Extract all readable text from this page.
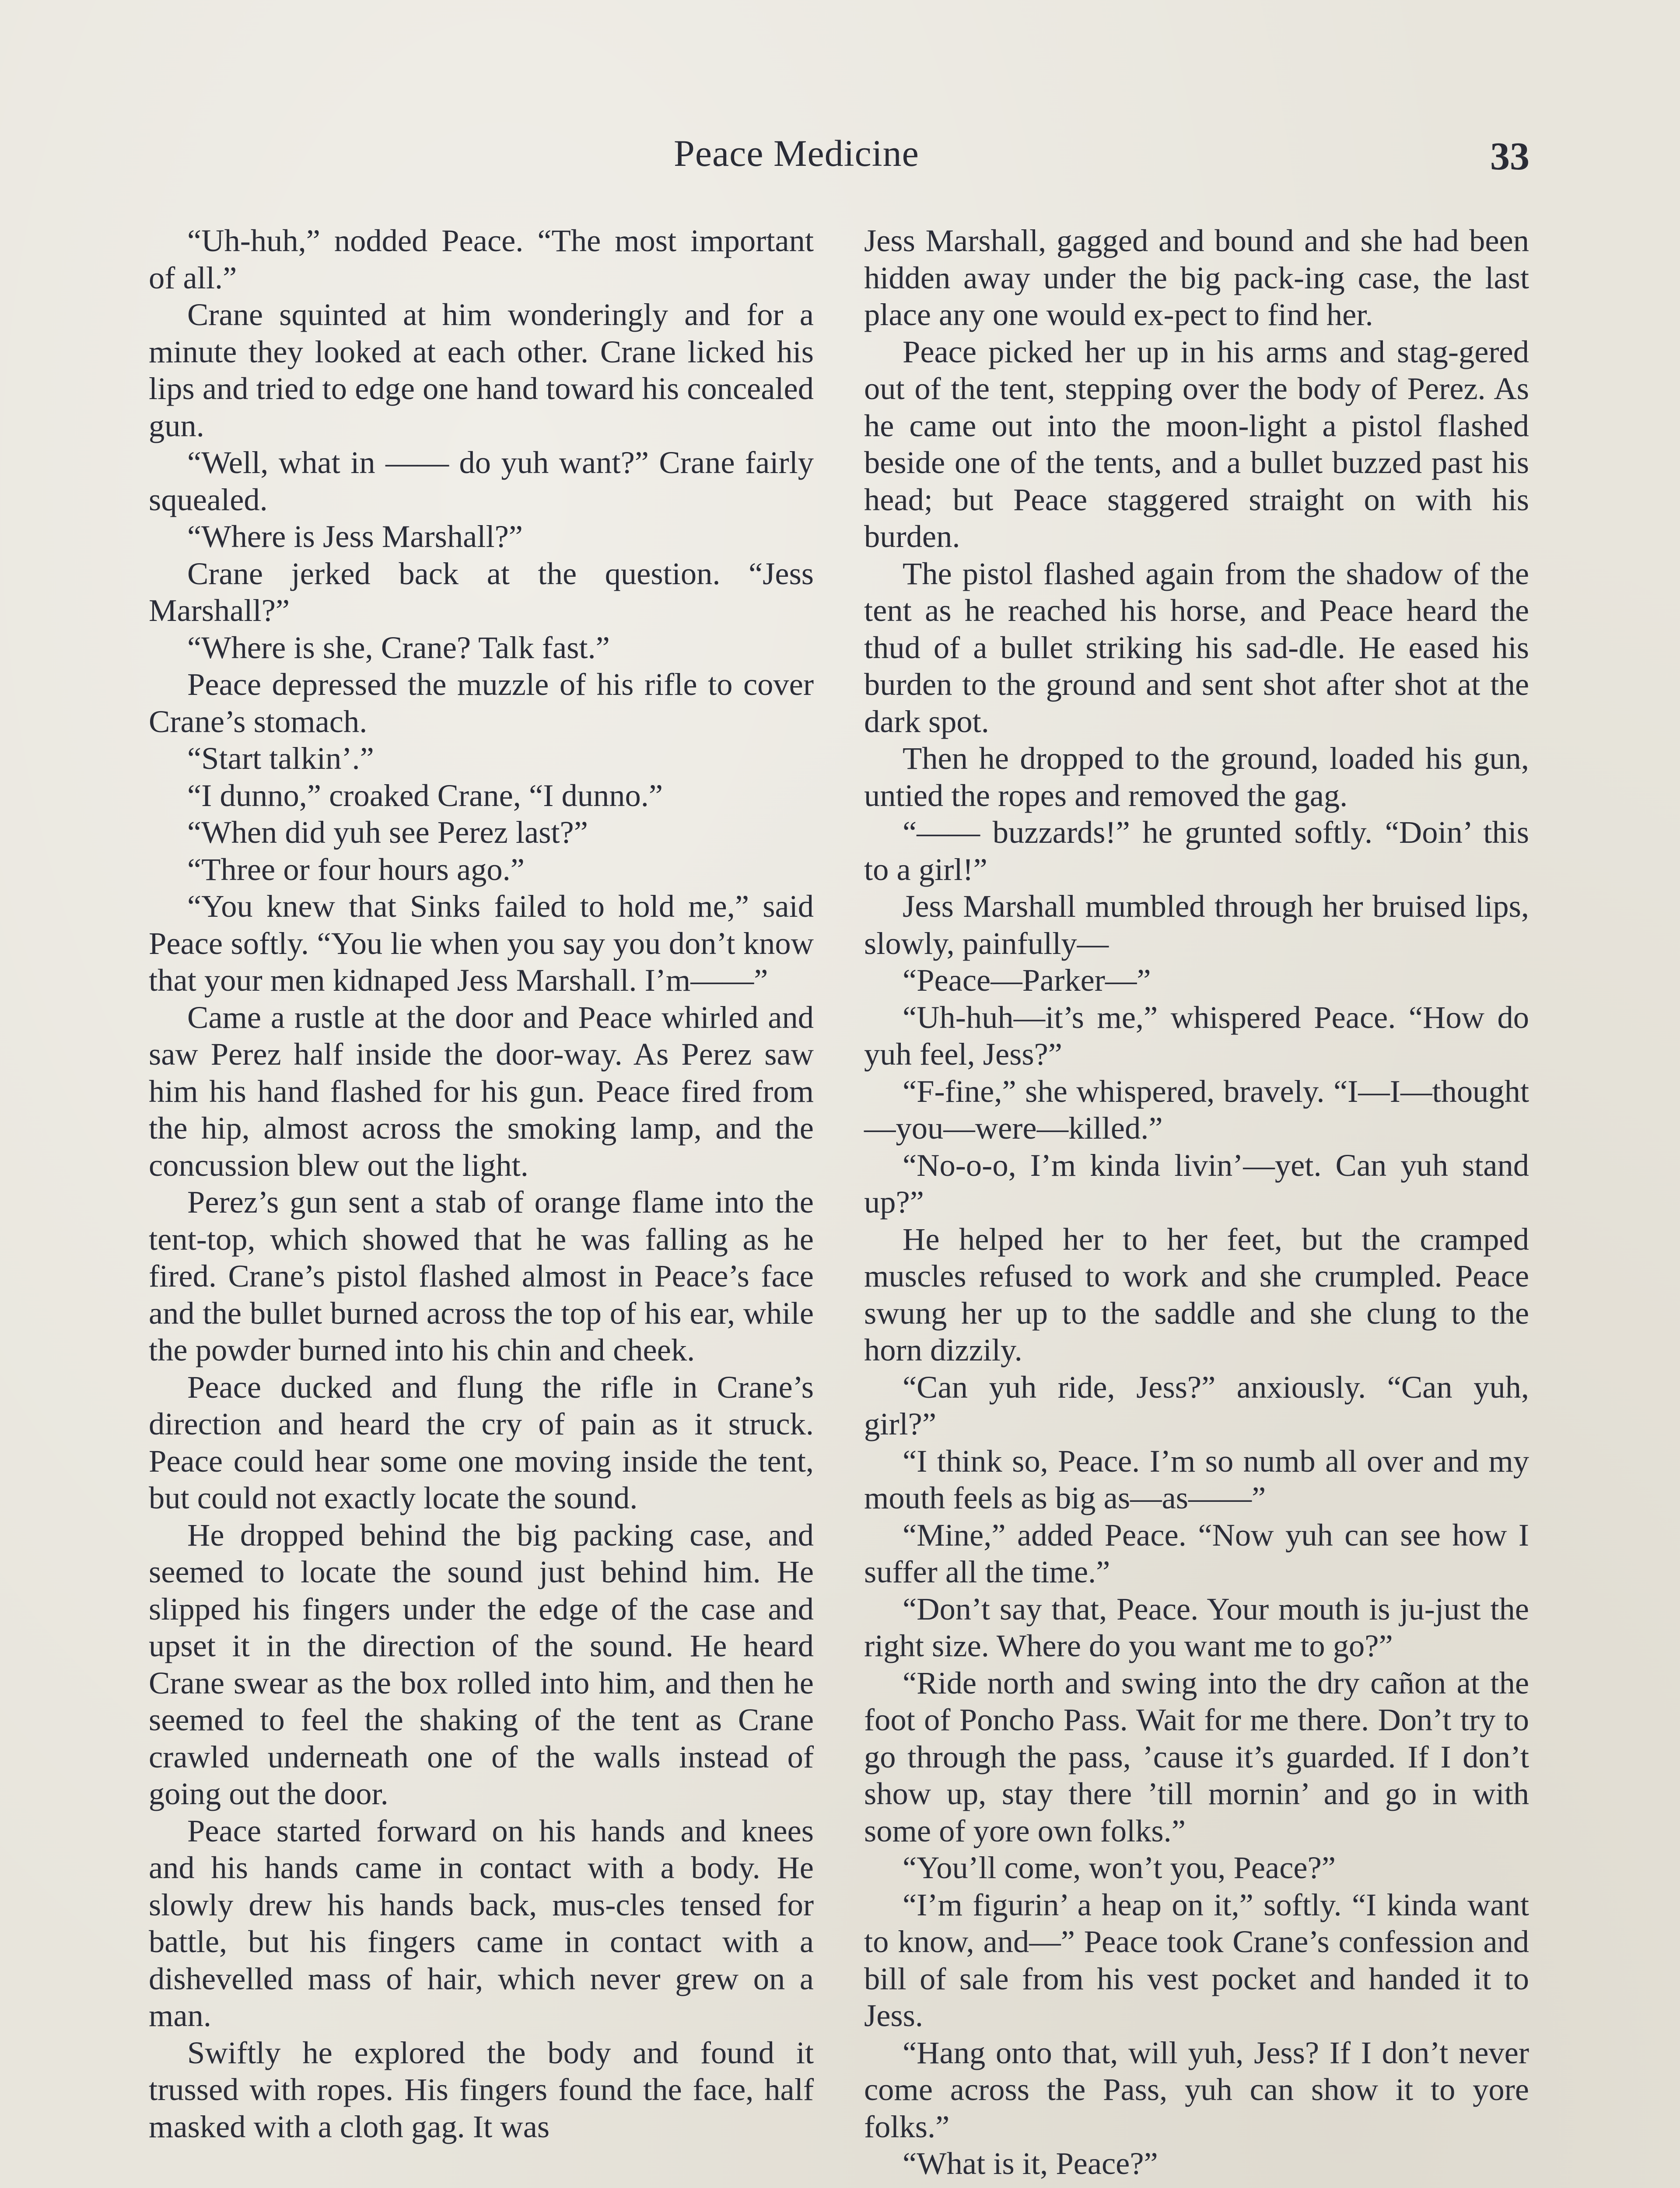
Peace Medicine	33

“Uh-huh,” nodded Peace. “The most important of all.”

Crane squinted at him wonderingly and for a minute they looked at each other. Crane licked his lips and tried to edge one hand toward his concealed gun.

“Well, what in —— do yuh want?” Crane fairly squealed.

“Where is Jess Marshall?”

Crane jerked back at the question. “Jess Marshall?”

“Where is she, Crane? Talk fast.”

Peace depressed the muzzle of his rifle to cover Crane’s stomach.

“Start talkin’.”

“I dunno,” croaked Crane, “I dunno.”

“When did yuh see Perez last?”

“Three or four hours ago.”

“You knew that Sinks failed to hold me,” said Peace softly. “You lie when you say you don’t know that your men kidnaped Jess Marshall. I’m——”

Came a rustle at the door and Peace whirled and saw Perez half inside the door-way. As Perez saw him his hand flashed for his gun. Peace fired from the hip, almost across the smoking lamp, and the concussion blew out the light.

Perez’s gun sent a stab of orange flame into the tent-top, which showed that he was falling as he fired. Crane’s pistol flashed almost in Peace’s face and the bullet burned across the top of his ear, while the powder burned into his chin and cheek.

Peace ducked and flung the rifle in Crane’s direction and heard the cry of pain as it struck. Peace could hear some one moving inside the tent, but could not exactly locate the sound.

He dropped behind the big packing case, and seemed to locate the sound just behind him. He slipped his fingers under the edge of the case and upset it in the direction of the sound. He heard Crane swear as the box rolled into him, and then he seemed to feel the shaking of the tent as Crane crawled underneath one of the walls instead of going out the door.

Peace started forward on his hands and knees and his hands came in contact with a body. He slowly drew his hands back, mus-cles tensed for battle, but his fingers came in contact with a dishevelled mass of hair, which never grew on a man.

Swiftly he explored the body and found it trussed with ropes. His fingers found the face, half masked with a cloth gag. It was

Jess Marshall, gagged and bound and she had been hidden away under the big pack-ing case, the last place any one would ex-pect to find her.

Peace picked her up in his arms and stag-gered out of the tent, stepping over the body of Perez. As he came out into the moon-light a pistol flashed beside one of the tents, and a bullet buzzed past his head; but Peace staggered straight on with his burden.

The pistol flashed again from the shadow of the tent as he reached his horse, and Peace heard the thud of a bullet striking his sad-dle. He eased his burden to the ground and sent shot after shot at the dark spot.

Then he dropped to the ground, loaded his gun, untied the ropes and removed the gag.

“—— buzzards!” he grunted softly. “Doin’ this to a girl!”

Jess Marshall mumbled through her bruised lips, slowly, painfully—

“Peace—Parker—”

“Uh-huh—it’s me,” whispered Peace. “How do yuh feel, Jess?”

“F-fine,” she whispered, bravely. “I—I—thought—you—were—killed.”

“No-o-o, I’m kinda livin’—yet. Can yuh stand up?”

He helped her to her feet, but the cramped muscles refused to work and she crumpled. Peace swung her up to the saddle and she clung to the horn dizzily.

“Can yuh ride, Jess?” anxiously. “Can yuh, girl?”

“I think so, Peace. I’m so numb all over and my mouth feels as big as—as——”

“Mine,” added Peace. “Now yuh can see how I suffer all the time.”

“Don’t say that, Peace. Your mouth is ju-just the right size. Where do you want me to go?”

“Ride north and swing into the dry cañon at the foot of Poncho Pass. Wait for me there. Don’t try to go through the pass, ’cause it’s guarded. If I don’t show up, stay there ’till mornin’ and go in with some of yore own folks.”

“You’ll come, won’t you, Peace?”

“I’m figurin’ a heap on it,” softly. “I kinda want to know, and—” Peace took Crane’s confession and bill of sale from his vest pocket and handed it to Jess.

“Hang onto that, will yuh, Jess? If I don’t never come across the Pass, yuh can show it to yore folks.”

“What is it, Peace?”
